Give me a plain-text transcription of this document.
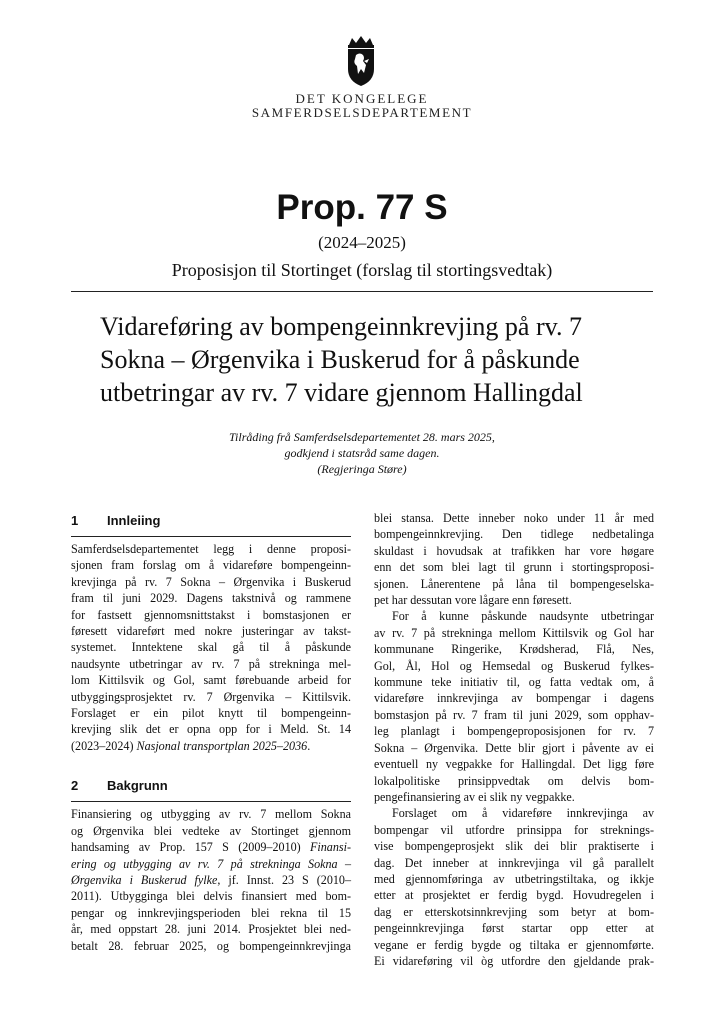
DET KONGELEGE
SAMFERDSELSDEPARTEMENT
Prop. 77 S
(2024–2025)
Proposisjon til Stortinget (forslag til stortingsvedtak)
Vidareføring av bompengeinnkrevjing på rv. 7
Sokna – Ørgenvika i Buskerud for å påskunde
utbetringar av rv. 7 vidare gjennom Hallingdal
Tilråding frå Samferdselsdepartementet 28. mars 2025,
godkjend i statsråd same dagen.
(Regjeringa Støre)
1 Innleiing
Samferdselsdepartementet legg i denne proposi-
sjonen fram forslag om å vidareføre bompengeinn-
krevjinga på rv. 7 Sokna – Ørgenvika i Buskerud
fram til juni 2029. Dagens takstnivå og rammene
for fastsett gjennomsnittstakst i bomstasjonen er
føresett vidareført med nokre justeringar av takst-
systemet. Inntektene skal gå til å påskunde
naudsynte utbetringar av rv. 7 på strekninga mel-
lom Kittilsvik og Gol, samt førebuande arbeid for
utbyggingsprosjektet rv. 7 Ørgenvika – Kittilsvik.
Forslaget er ein pilot knytt til bompengeinn-
krevjing slik det er opna opp for i Meld. St. 14
(2023–2024) Nasjonal transportplan 2025–2036.
2 Bakgrunn
Finansiering og utbygging av rv. 7 mellom Sokna
og Ørgenvika blei vedteke av Stortinget gjennom
handsaming av Prop. 157 S (2009–2010) Finansi-
ering og utbygging av rv. 7 på strekninga Sokna –
Ørgenvika i Buskerud fylke, jf. Innst. 23 S (2010–
2011). Utbygginga blei delvis finansiert med bom-
pengar og innkrevjingsperioden blei rekna til 15
år, med oppstart 28. juni 2014. Prosjektet blei ned-
betalt 28. februar 2025, og bompengeinnkrevjinga
blei stansa. Dette inneber noko under 11 år med
bompengeinnkrevjing. Den tidlege nedbetalinga
skuldast i hovudsak at trafikken har vore høgare
enn det som blei lagt til grunn i stortingsproposi-
sjonen. Lånerentene på låna til bompengeselska-
pet har dessutan vore lågare enn føresett.
For å kunne påskunde naudsynte utbetringar
av rv. 7 på strekninga mellom Kittilsvik og Gol har
kommunane Ringerike, Krødsherad, Flå, Nes,
Gol, Ål, Hol og Hemsedal og Buskerud fylkes-
kommune teke initiativ til, og fatta vedtak om, å
vidareføre innkrevjinga av bompengar i dagens
bomstasjon på rv. 7 fram til juni 2029, som opphav-
leg planlagt i bompengeproposisjonen for rv. 7
Sokna – Ørgenvika. Dette blir gjort i påvente av ei
eventuell ny vegpakke for Hallingdal. Det ligg føre
lokalpolitiske prinsippvedtak om delvis bom-
pengefinansiering av ei slik ny vegpakke.
Forslaget om å vidareføre innkrevjinga av
bompengar vil utfordre prinsippa for streknings-
vise bompengeprosjekt slik dei blir praktiserte i
dag. Det inneber at innkrevjinga vil gå parallelt
med gjennomføringa av utbetringstiltaka, og ikkje
etter at prosjektet er ferdig bygd. Hovudregelen i
dag er etterskotsinnkrevjing som betyr at bom-
pengeinnkrevjinga først startar opp etter at
vegane er ferdig bygde og tiltaka er gjennomførte.
Ei vidareføring vil òg utfordre den gjeldande prak-
